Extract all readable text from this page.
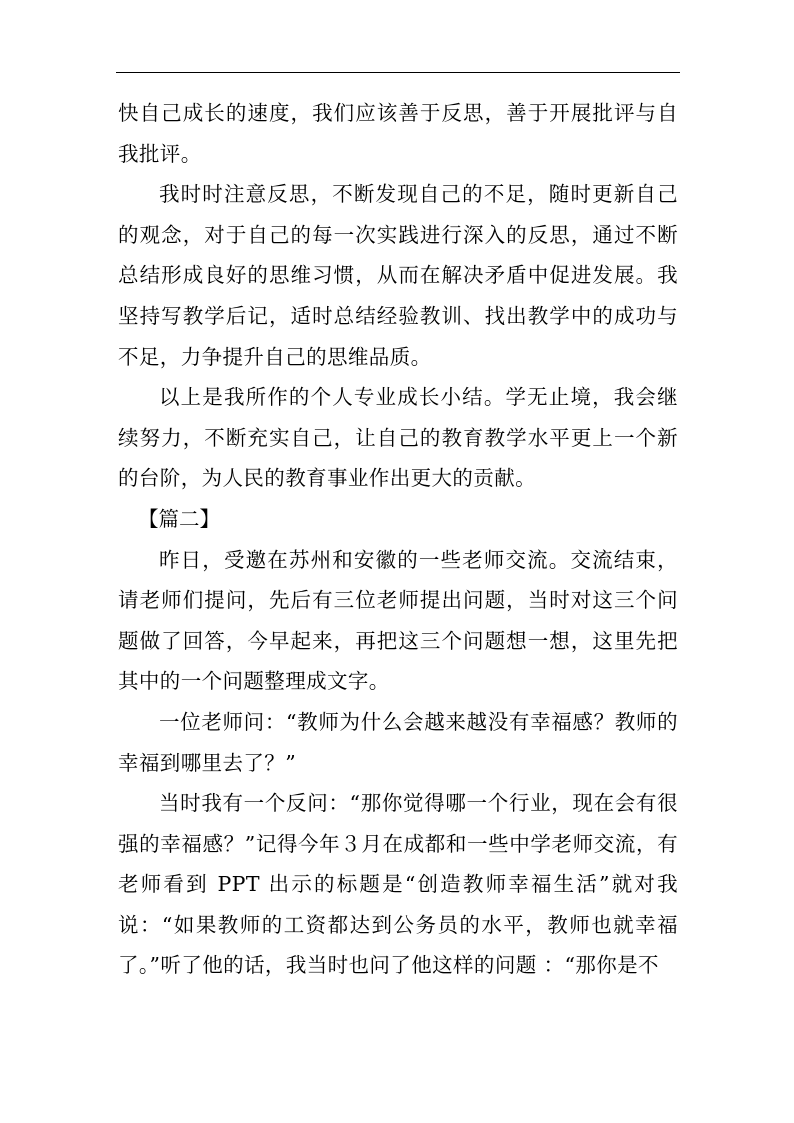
快自己成长的速度，我们应该善于反思，善于开展批评与自我批评。

我时时注意反思，不断发现自己的不足，随时更新自己的观念，对于自己的每一次实践进行深入的反思，通过不断总结形成良好的思维习惯，从而在解决矛盾中促进发展。我坚持写教学后记，适时总结经验教训、找出教学中的成功与不足，力争提升自己的思维品质。

以上是我所作的个人专业成长小结。学无止境，我会继续努力，不断充实自己，让自己的教育教学水平更上一个新的台阶，为人民的教育事业作出更大的贡献。

【篇二】

昨日，受邀在苏州和安徽的一些老师交流。交流结束，请老师们提问，先后有三位老师提出问题，当时对这三个问题做了回答，今早起来，再把这三个问题想一想，这里先把其中的一个问题整理成文字。

一位老师问：“教师为什么会越来越没有幸福感？教师的幸福到哪里去了？”

当时我有一个反问：“那你觉得哪一个行业，现在会有很强的幸福感？”记得今年３月在成都和一些中学老师交流，有老师看到 PPT 出示的标题是“创造教师幸福生活”就对我说：“如果教师的工资都达到公务员的水平，教师也就幸福了。”听了他的话，我当时也问了他这样的问题 ：“那你是不
